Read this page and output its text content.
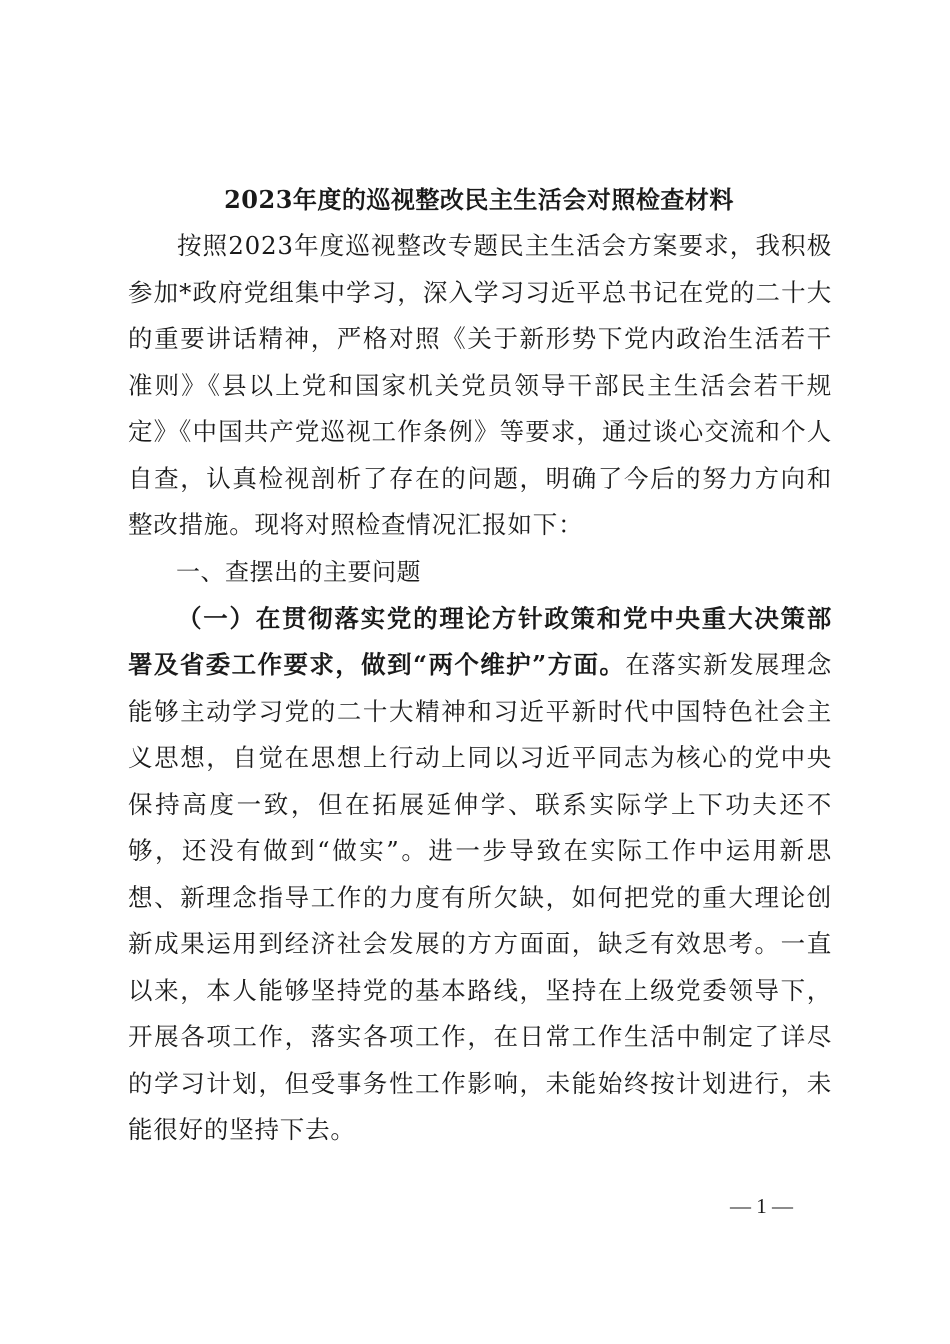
2023年度的巡视整改民主生活会对照检查材料

按照2023年度巡视整改专题民主生活会方案要求，我积极参加*政府党组集中学习，深入学习习近平总书记在党的二十大的重要讲话精神，严格对照《关于新形势下党内政治生活若干准则》《县以上党和国家机关党员领导干部民主生活会若干规定》《中国共产党巡视工作条例》等要求，通过谈心交流和个人自查，认真检视剖析了存在的问题，明确了今后的努力方向和整改措施。现将对照检查情况汇报如下：

一、查摆出的主要问题

（一）在贯彻落实党的理论方针政策和党中央重大决策部署及省委工作要求，做到“两个维护”方面。在落实新发展理念能够主动学习党的二十大精神和习近平新时代中国特色社会主义思想，自觉在思想上行动上同以习近平同志为核心的党中央保持高度一致，但在拓展延伸学、联系实际学上下功夫还不够，还没有做到“做实”。进一步导致在实际工作中运用新思想、新理念指导工作的力度有所欠缺，如何把党的重大理论创新成果运用到经济社会发展的方方面面，缺乏有效思考。一直以来，本人能够坚持党的基本路线，坚持在上级党委领导下，开展各项工作，落实各项工作，在日常工作生活中制定了详尽的学习计划，但受事务性工作影响，未能始终按计划进行，未能很好的坚持下去。

— 1 —
